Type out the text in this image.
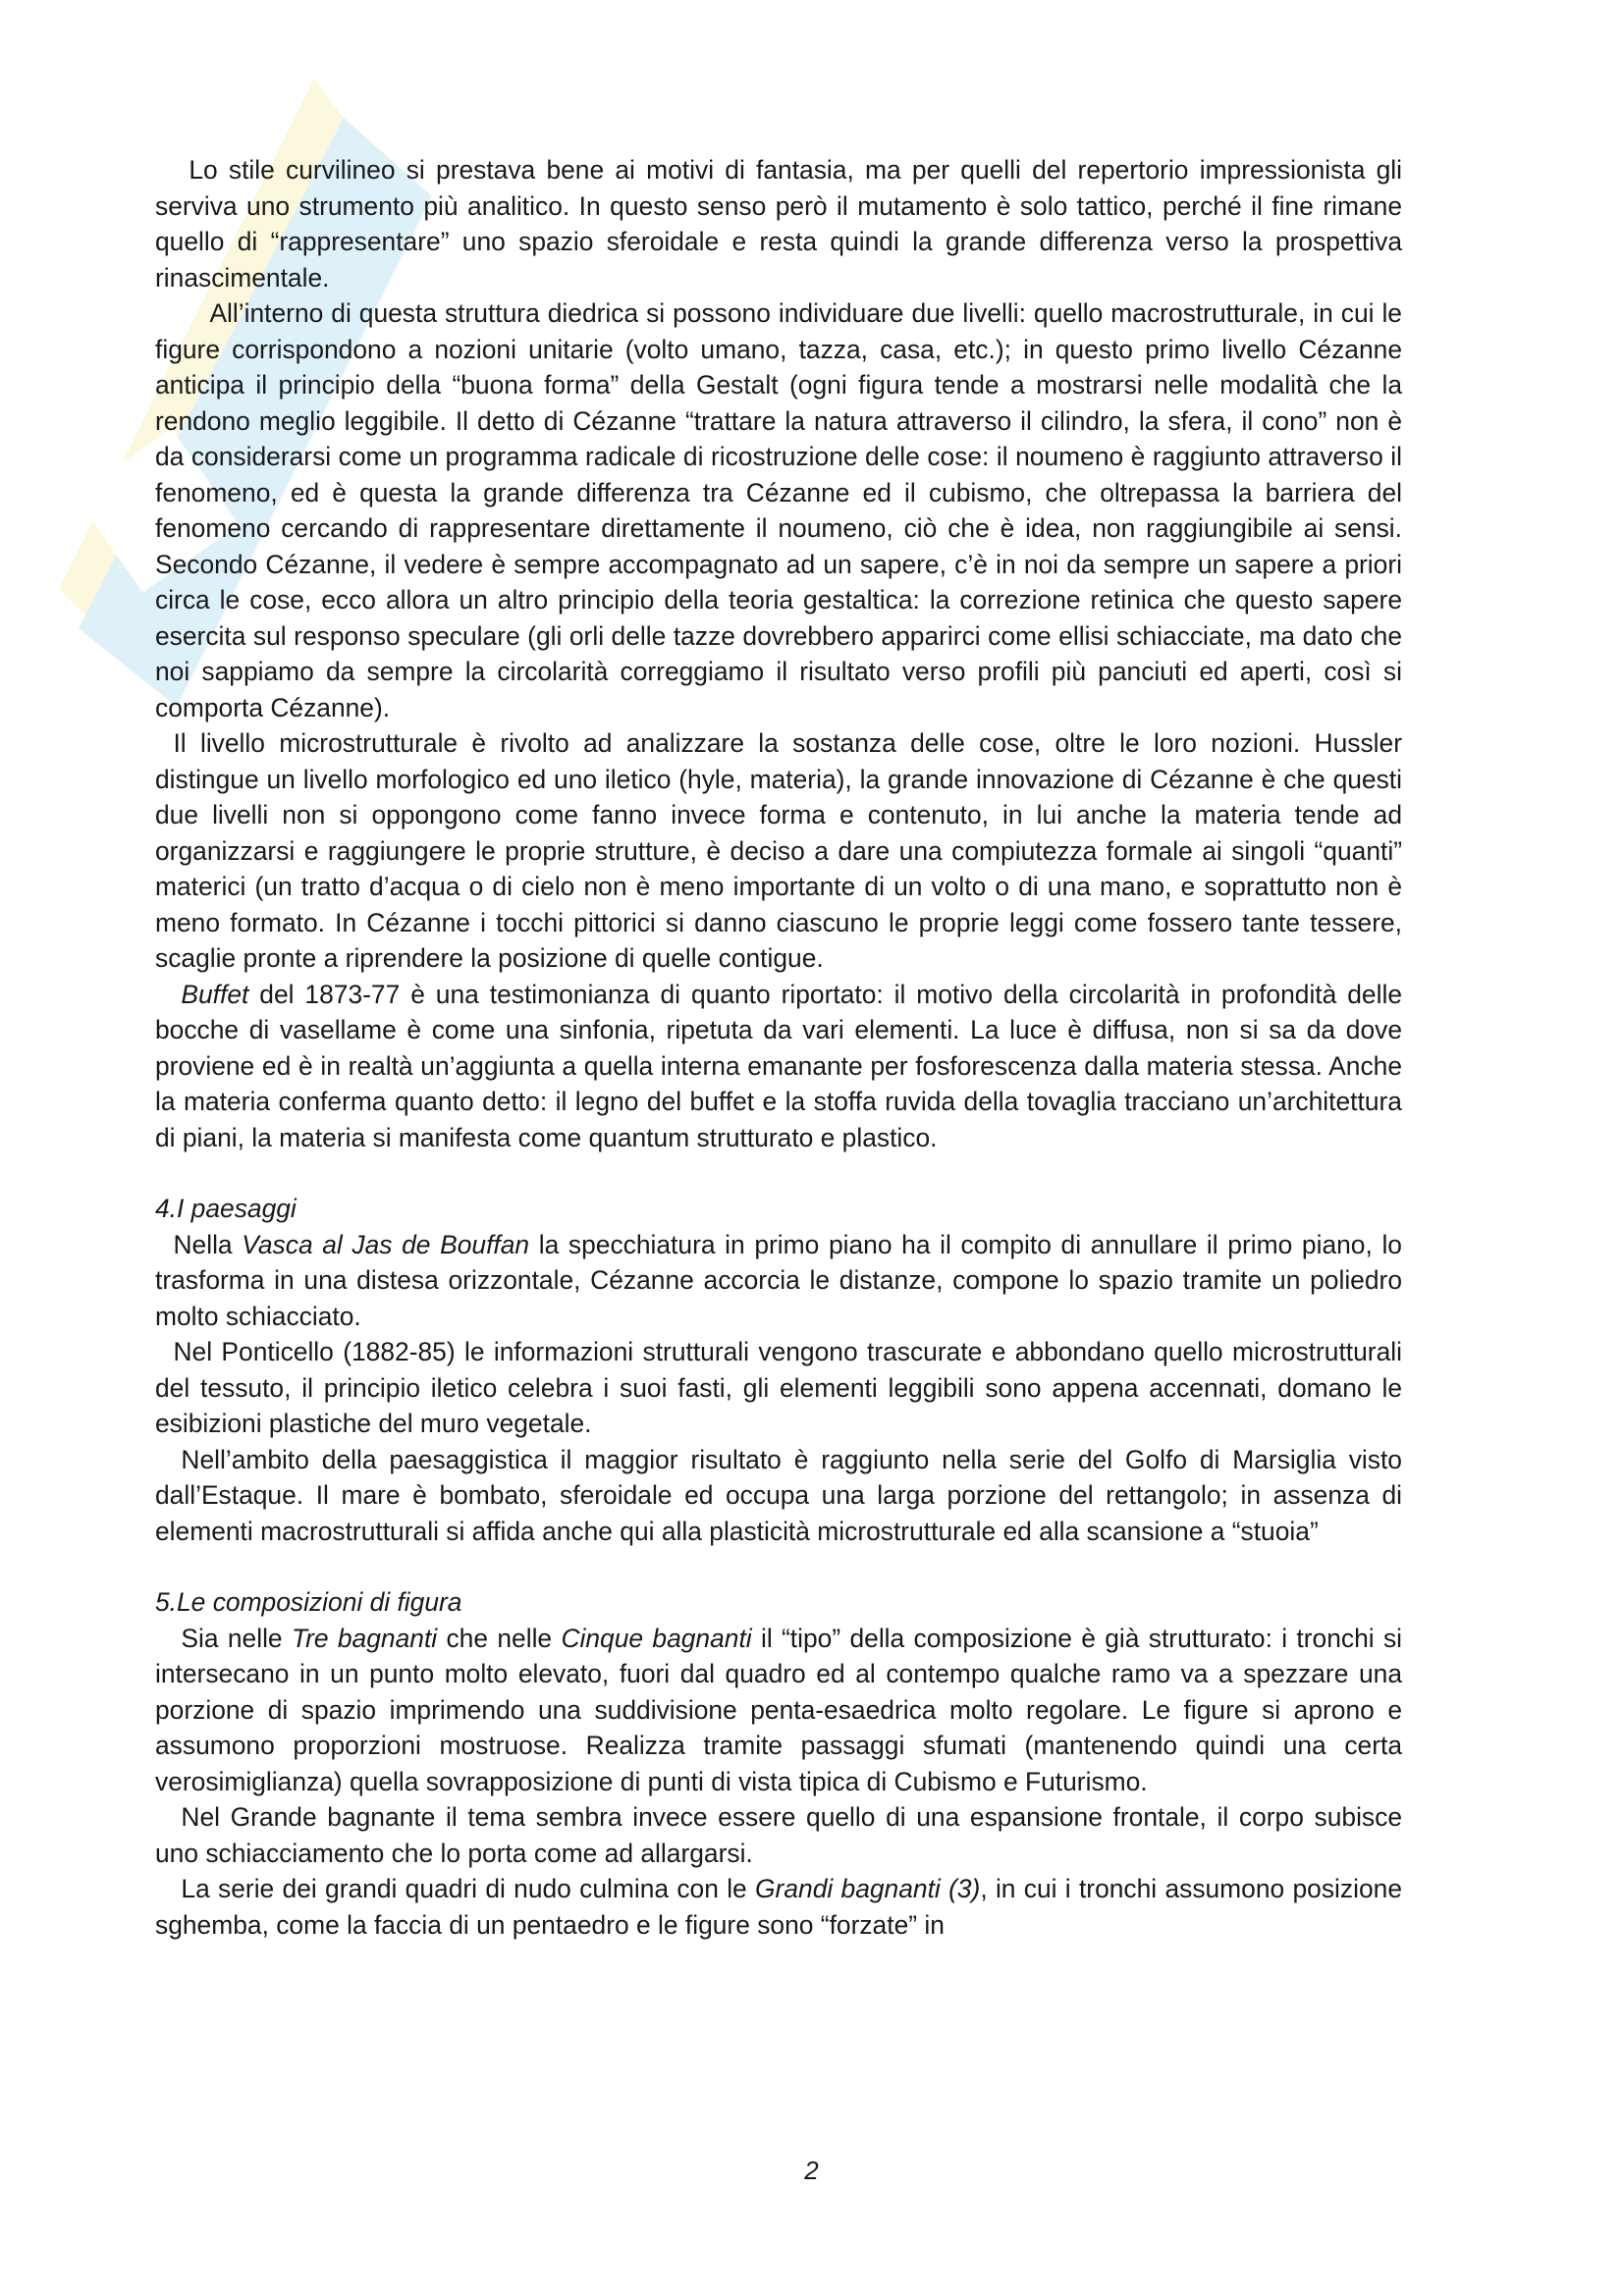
Lo stile curvilineo si prestava bene ai motivi di fantasia, ma per quelli del repertorio impressionista gli serviva uno strumento più analitico. In questo senso però il mutamento è solo tattico, perché il fine rimane quello di “rappresentare” uno spazio sferoidale e resta quindi la grande differenza verso la prospettiva rinascimentale.

All’interno di questa struttura diedrica si possono individuare due livelli: quello macrostrutturale, in cui le figure corrispondono a nozioni unitarie (volto umano, tazza, casa, etc.); in questo primo livello Cézanne anticipa il principio della “buona forma” della Gestalt (ogni figura tende a mostrarsi nelle modalità che la rendono meglio leggibile. Il detto di Cézanne “trattare la natura attraverso il cilindro, la sfera, il cono” non è da considerarsi come un programma radicale di ricostruzione delle cose: il noumeno è raggiunto attraverso il fenomeno, ed è questa la grande differenza tra Cézanne ed il cubismo, che oltrepassa la barriera del fenomeno cercando di rappresentare direttamente il noumeno, ciò che è idea, non raggiungibile ai sensi. Secondo Cézanne, il vedere è sempre accompagnato ad un sapere, c’è in noi da sempre un sapere a priori circa le cose, ecco allora un altro principio della teoria gestaltica: la correzione retinica che questo sapere esercita sul responso speculare (gli orli delle tazze dovrebbero apparirci come ellisi schiacciate, ma dato che noi sappiamo da sempre la circolarità correggiamo il risultato verso profili più panciuti ed aperti, così si comporta Cézanne).

Il livello microstrutturale è rivolto ad analizzare la sostanza delle cose, oltre le loro nozioni. Hussler distingue un livello morfologico ed uno iletico (hyle, materia), la grande innovazione di Cézanne è che questi due livelli non si oppongono come fanno invece forma e contenuto, in lui anche la materia tende ad organizzarsi e raggiungere le proprie strutture, è deciso a dare una compiutezza formale ai singoli “quanti” materici (un tratto d’acqua o di cielo non è meno importante di un volto o di una mano, e soprattutto non è meno formato. In Cézanne i tocchi pittorici si danno ciascuno le proprie leggi come fossero tante tessere, scaglie pronte a riprendere la posizione di quelle contigue.

Buffet del 1873-77 è una testimonianza di quanto riportato: il motivo della circolarità in profondità delle bocche di vasellame è come una sinfonia, ripetuta da vari elementi. La luce è diffusa, non si sa da dove proviene ed è in realtà un’aggiunta a quella interna emanante per fosforescenza dalla materia stessa. Anche la materia conferma quanto detto: il legno del buffet e la stoffa ruvida della tovaglia tracciano un’architettura di piani, la materia si manifesta come quantum strutturato e plastico.

4.I paesaggi

Nella Vasca al Jas de Bouffan la specchiatura in primo piano ha il compito di annullare il primo piano, lo trasforma in una distesa orizzontale, Cézanne accorcia le distanze, compone lo spazio tramite un poliedro molto schiacciato.

Nel Ponticello (1882-85) le informazioni strutturali vengono trascurate e abbondano quello microstrutturali del tessuto, il principio iletico celebra i suoi fasti, gli elementi leggibili sono appena accennati, domano le esibizioni plastiche del muro vegetale.

Nell’ambito della paesaggistica il maggior risultato è raggiunto nella serie del Golfo di Marsiglia visto dall’Estaque. Il mare è bombato, sferoidale ed occupa una larga porzione del rettangolo; in assenza di elementi macrostrutturali si affida anche qui alla plasticità microstrutturale ed alla scansione a “stuoia”

5.Le composizioni di figura

Sia nelle Tre bagnanti che nelle Cinque bagnanti il “tipo” della composizione è già strutturato: i tronchi si intersecano in un punto molto elevato, fuori dal quadro ed al contempo qualche ramo va a spezzare una porzione di spazio imprimendo una suddivisione penta-esaedrica molto regolare. Le figure si aprono e assumono proporzioni mostruose. Realizza tramite passaggi sfumati (mantenendo quindi una certa verosimiglianza) quella sovrapposizione di punti di vista tipica di Cubismo e Futurismo.

Nel Grande bagnante il tema sembra invece essere quello di una espansione frontale, il corpo subisce uno schiacciamento che lo porta come ad allargarsi.

La serie dei grandi quadri di nudo culmina con le Grandi bagnanti (3), in cui i tronchi assumono posizione sghemba, come la faccia di un pentaedro e le figure sono “forzate” in

2
